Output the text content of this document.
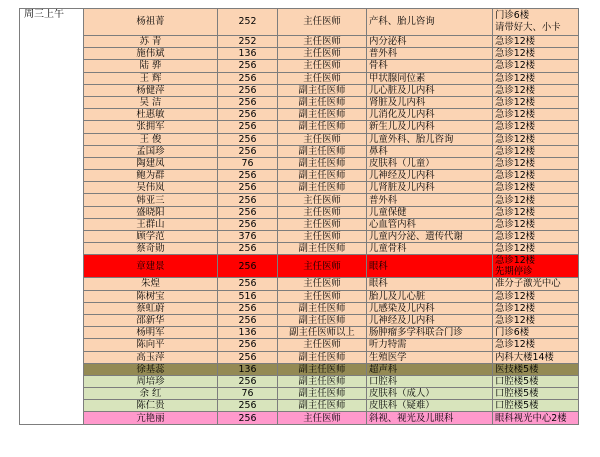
周三上午	杨祖菁	252	主任医师	产科、胎儿咨询	门诊6楼
请带好大、小卡
	苏 青	252	主任医师	内分泌科	急诊12楼
	施伟斌	136	主任医师	普外科	急诊12楼
	陆 骅	256	主任医师	骨科	急诊12楼
	王 辉	256	主任医师	甲状腺同位素	急诊12楼
	杨健萍	256	副主任医师	儿心脏及儿内科	急诊12楼
	吴 洁	256	副主任医师	肾脏及儿内科	急诊12楼
	杜惠敏	256	副主任医师	儿消化及儿内科	急诊12楼
	张拥军	256	副主任医师	新生儿及儿内科	急诊12楼
	王 俊	256	主任医师	儿童外科、胎儿咨询	急诊12楼
	孟国珍	256	副主任医师	鼻科	急诊12楼
	陶建凤	76	副主任医师	皮肤科（儿童）	急诊12楼
	鲍为群	256	副主任医师	儿神经及儿内科	急诊12楼
	吴伟岚	256	副主任医师	儿肾脏及儿内科	急诊12楼
	韩亚三	256	主任医师	普外科	急诊12楼
	盛晓阳	256	主任医师	儿童保健	急诊12楼
	王群山	256	主任医师	心血管内科	急诊12楼
	顾学范	376	主任医师	儿童内分泌、遗传代谢	急诊12楼
	蔡奇勋	256	副主任医师	儿童骨科	急诊12楼
	章建景	256	主任医师	眼科	急诊12楼
先期停诊
	朱煌	256	主任医师	眼科	准分子激光中心
	陈树宝	516	主任医师	胎儿及儿心脏	急诊12楼
	蔡虹蔚	256	副主任医师	儿感染及儿内科	急诊12楼
	邵新华	256	副主任医师	儿神经及儿内科	急诊12楼
	杨明军	136	副主任医师以上	肠肿瘤多学科联合门诊	门诊6楼
	陈向平	256	主任医师	听力特需	急诊12楼
	高玉萍	256	副主任医师	生殖医学	内科大楼14楼
	徐基蕊	136	副主任医师	超声科	医技楼5楼
	周培珍	256	副主任医师	口腔科	口腔楼5楼
	余 红	76	副主任医师	皮肤科（成人）	口腔楼5楼
	陈仁贵	256	副主任医师	皮肤科（疑难）	口腔楼5楼
	亢艳丽	256	主任医师	斜视、视光及儿眼科	眼科视光中心2楼
